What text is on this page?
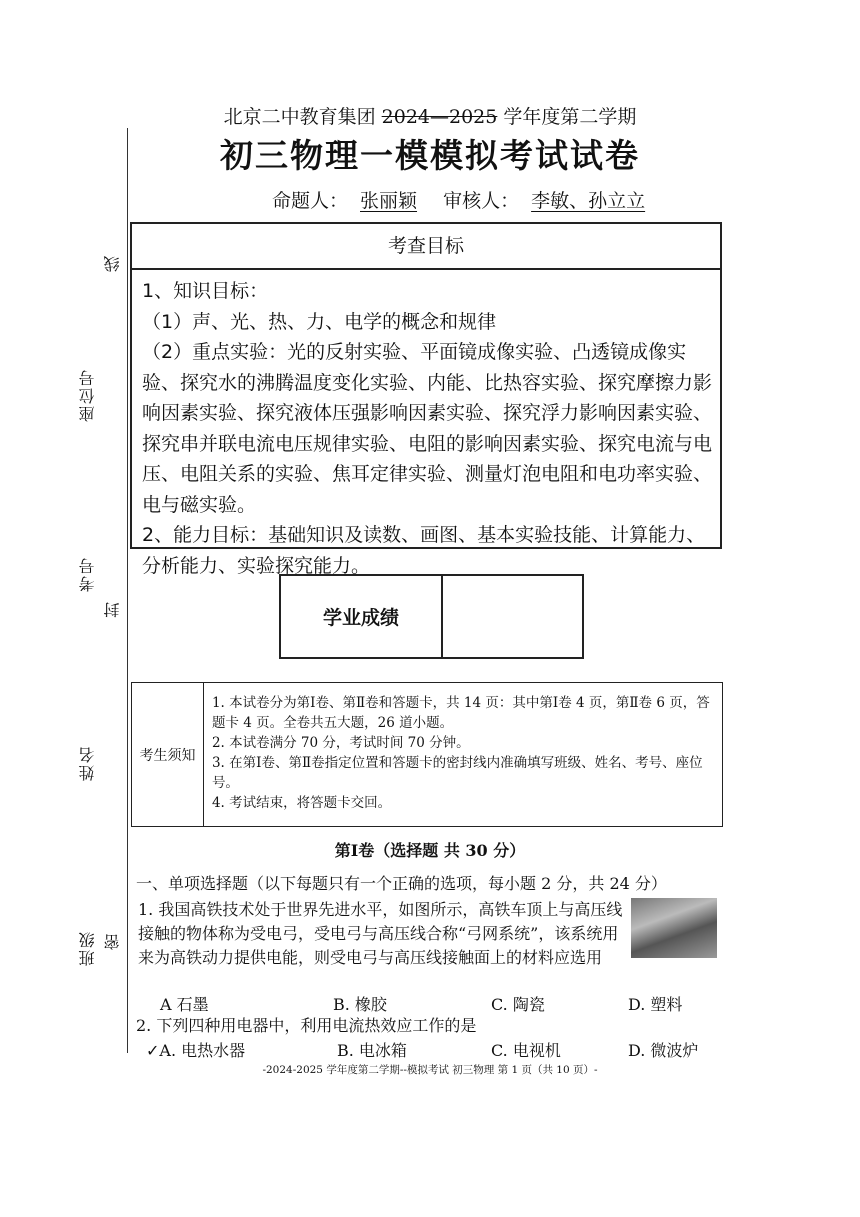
线
座位号
考号
封
姓名
班级 密
北京二中教育集团 2024—2025 学年度第二学期
初三物理一模模拟考试试卷
命题人： 张丽颖 审核人： 李敏、孙立立
考查目标

1、知识目标：

（1）声、光、热、力、电学的概念和规律

（2）重点实验：光的反射实验、平面镜成像实验、凸透镜成像实验、探究水的沸腾温度变化实验、内能、比热容实验、探究摩擦力影响因素实验、探究液体压强影响因素实验、探究浮力影响因素实验、探究串并联电流电压规律实验、电阻的影响因素实验、探究电流与电压、电阻关系的实验、焦耳定律实验、测量灯泡电阻和电功率实验、电与磁实验。

2、能力目标：基础知识及读数、画图、基本实验技能、计算能力、分析能力、实验探究能力。

学业成绩
考生须知
1. 本试卷分为第Ⅰ卷、第Ⅱ卷和答题卡，共 14 页：其中第Ⅰ卷 4 页，第Ⅱ卷 6 页，答题卡 4 页。全卷共五大题，26 道小题。
2. 本试卷满分 70 分，考试时间 70 分钟。
3. 在第Ⅰ卷、第Ⅱ卷指定位置和答题卡的密封线内准确填写班级、姓名、考号、座位号。
4. 考试结束，将答题卡交回。
第Ⅰ卷（选择题 共 30 分）
一、单项选择题（以下每题只有一个正确的选项，每小题 2 分，共 24 分）
1. 我国高铁技术处于世界先进水平，如图所示，高铁车顶上与高压线接触的物体称为受电弓，受电弓与高压线合称“弓网系统”，该系统用来为高铁动力提供电能，则受电弓与高压线接触面上的材料应选用
A 石墨	B. 橡胶	C. 陶瓷	D. 塑料
2. 下列四种用电器中，利用电流热效应工作的是
✓A. 电热水器	B. 电冰箱	C. 电视机	D. 微波炉
-2024-2025 学年度第二学期--模拟考试 初三物理 第 1 页（共 10 页）-
